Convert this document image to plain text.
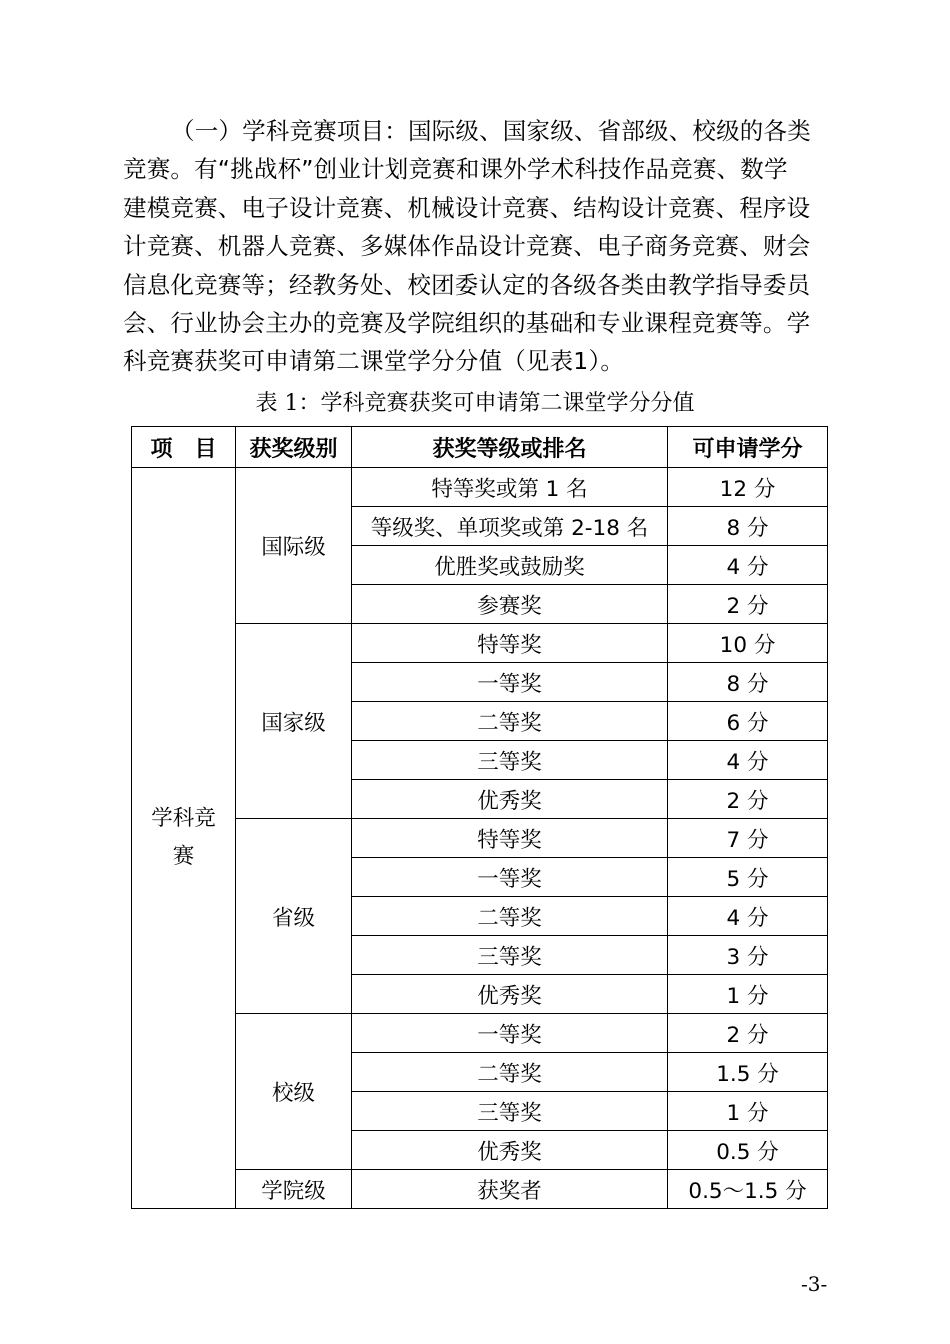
（一）学科竞赛项目：国际级、国家级、省部级、校级的各类
竞赛。有“挑战杯”创业计划竞赛和课外学术科技作品竞赛、数学
建模竞赛、电子设计竞赛、机械设计竞赛、结构设计竞赛、程序设
计竞赛、机器人竞赛、多媒体作品设计竞赛、电子商务竞赛、财会
信息化竞赛等；经教务处、校团委认定的各级各类由教学指导委员
会、行业协会主办的竞赛及学院组织的基础和专业课程竞赛等。学
科竞赛获奖可申请第二课堂学分分值（见表1）。
表 1：学科竞赛获奖可申请第二课堂学分分值
项　目	获奖级别	获奖等级或排名	可申请学分
学科竞赛	国际级	特等奖或第 1 名	12 分
		等级奖、单项奖或第 2-18 名	8 分
		优胜奖或鼓励奖	4 分
		参赛奖	2 分
	国家级	特等奖	10 分
		一等奖	8 分
		二等奖	6 分
		三等奖	4 分
		优秀奖	2 分
	省级	特等奖	7 分
		一等奖	5 分
		二等奖	4 分
		三等奖	3 分
		优秀奖	1 分
	校级	一等奖	2 分
		二等奖	1.5 分
		三等奖	1 分
		优秀奖	0.5 分
	学院级	获奖者	0.5～1.5 分
-3-
